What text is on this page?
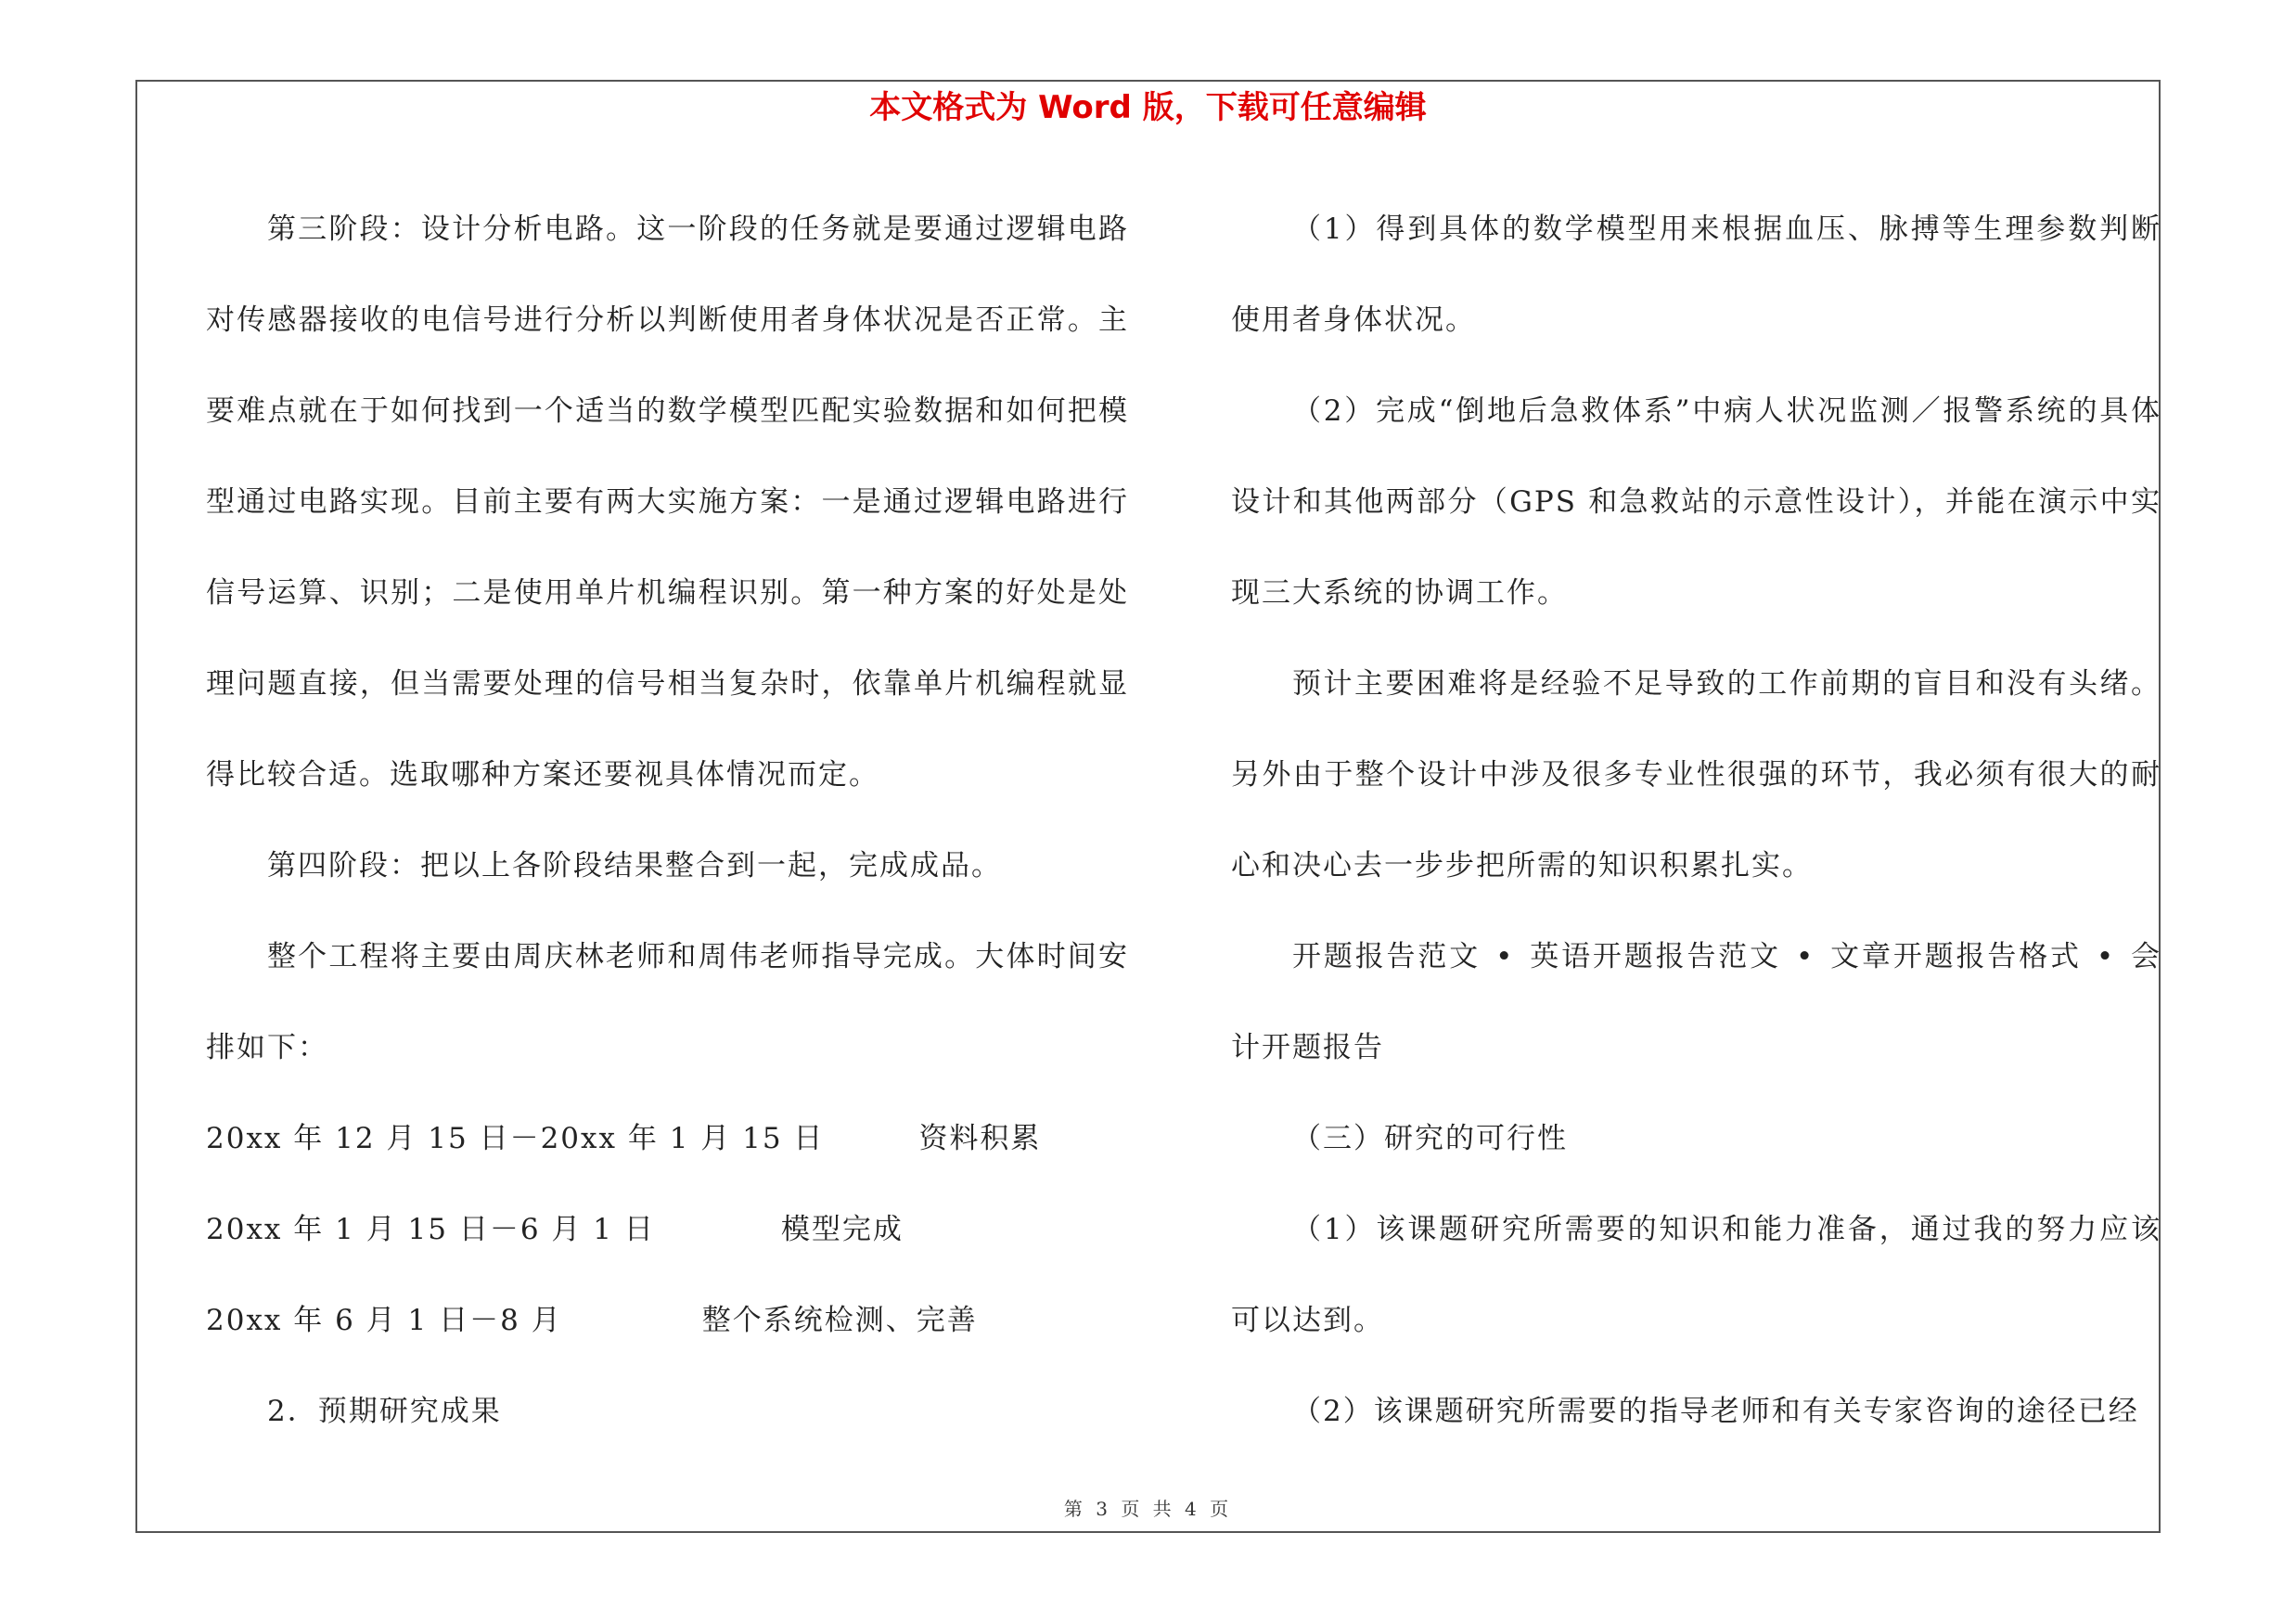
本文格式为 Word 版，下载可任意编辑

第三阶段：设计分析电路。这一阶段的任务就是要通过逻辑电路对传感器接收的电信号进行分析以判断使用者身体状况是否正常。主要难点就在于如何找到一个适当的数学模型匹配实验数据和如何把模型通过电路实现。目前主要有两大实施方案：一是通过逻辑电路进行信号运算、识别；二是使用单片机编程识别。第一种方案的好处是处理问题直接，但当需要处理的信号相当复杂时，依靠单片机编程就显得比较合适。选取哪种方案还要视具体情况而定。

第四阶段：把以上各阶段结果整合到一起，完成成品。

整个工程将主要由周庆林老师和周伟老师指导完成。大体时间安排如下：

20xx 年 12 月 15 日－20xx 年 1 月 15 日	资料积累

20xx 年 1 月 15 日－6 月 1 日	模型完成

20xx 年 6 月 1 日－8 月	整个系统检测、完善

2．预期研究成果

（1）得到具体的数学模型用来根据血压、脉搏等生理参数判断使用者身体状况。

（2）完成“倒地后急救体系”中病人状况监测／报警系统的具体设计和其他两部分（GPS 和急救站的示意性设计），并能在演示中实现三大系统的协调工作。

预计主要困难将是经验不足导致的工作前期的盲目和没有头绪。另外由于整个设计中涉及很多专业性很强的环节，我必须有很大的耐心和决心去一步步把所需的知识积累扎实。

开题报告范文 • 英语开题报告范文 • 文章开题报告格式 • 会计开题报告

（三）研究的可行性

（1）该课题研究所需要的知识和能力准备，通过我的努力应该可以达到。

（2）该课题研究所需要的指导老师和有关专家咨询的途径已经

第 3 页 共 4 页
